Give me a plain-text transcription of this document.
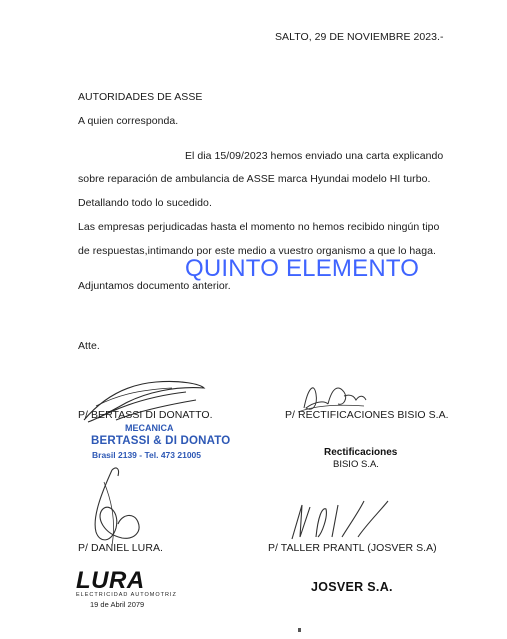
SALTO, 29 DE NOVIEMBRE 2023.-
AUTORIDADES DE ASSE
A quien corresponda.
El dia 15/09/2023 hemos enviado una carta explicando
sobre reparación de ambulancia de ASSE marca Hyundai modelo HI turbo.
Detallando todo lo sucedido.
Las empresas perjudicadas hasta el momento no hemos recibido ningún tipo
de respuestas,intimando por este medio a vuestro organismo a que lo haga.
QUINTO ELEMENTO
Adjuntamos documento anterior.
Atte.
P/ BERTASSI DI DONATTO.
MECANICA
BERTASSI & DI DONATO
Brasil 2139 - Tel. 473 21005
P/ RECTIFICACIONES BISIO S.A.
Rectificaciones
BISIO S.A.
P/ DANIEL LURA.
LURA
ELECTRICIDAD AUTOMOTRIZ
19 de Abril 2079
P/ TALLER PRANTL (JOSVER S.A)
JOSVER S.A.
